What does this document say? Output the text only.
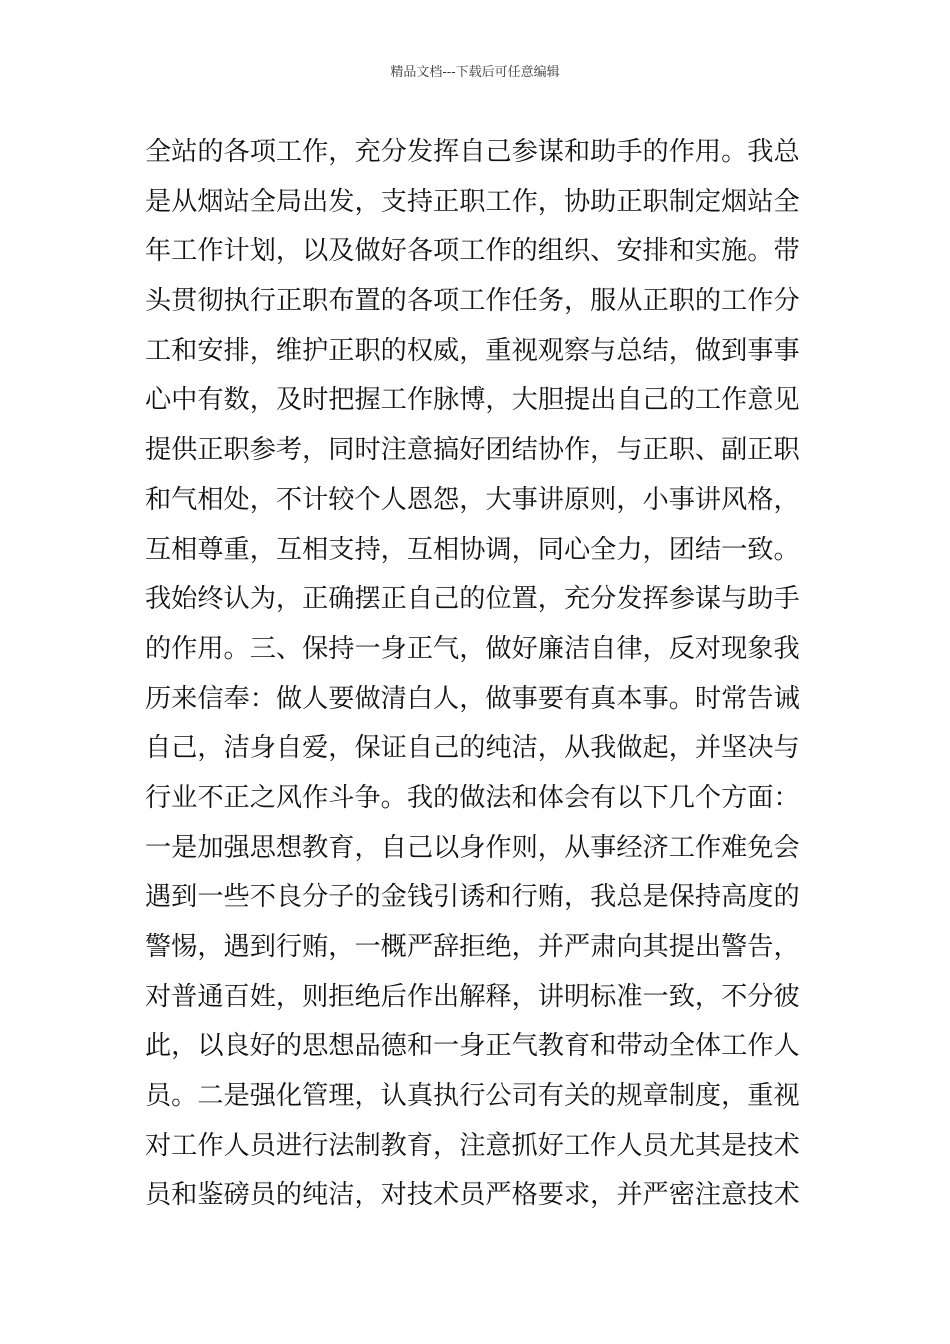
精品文档---下载后可任意编辑
全站的各项工作，充分发挥自己参谋和助手的作用。我总
是从烟站全局出发，支持正职工作，协助正职制定烟站全
年工作计划，以及做好各项工作的组织、安排和实施。带
头贯彻执行正职布置的各项工作任务，服从正职的工作分
工和安排，维护正职的权威，重视观察与总结，做到事事
心中有数，及时把握工作脉博，大胆提出自己的工作意见
提供正职参考，同时注意搞好团结协作，与正职、副正职
和气相处，不计较个人恩怨，大事讲原则，小事讲风格，
互相尊重，互相支持，互相协调，同心全力，团结一致。
我始终认为，正确摆正自己的位置，充分发挥参谋与助手
的作用。三、保持一身正气，做好廉洁自律，反对现象我
历来信奉：做人要做清白人，做事要有真本事。时常告诫
自己，洁身自爱，保证自己的纯洁，从我做起，并坚决与
行业不正之风作斗争。我的做法和体会有以下几个方面：
一是加强思想教育，自己以身作则，从事经济工作难免会
遇到一些不良分子的金钱引诱和行贿，我总是保持高度的
警惕，遇到行贿，一概严辞拒绝，并严肃向其提出警告，
对普通百姓，则拒绝后作出解释，讲明标准一致，不分彼
此，以良好的思想品德和一身正气教育和带动全体工作人
员。二是强化管理，认真执行公司有关的规章制度，重视
对工作人员进行法制教育，注意抓好工作人员尤其是技术
员和鉴磅员的纯洁，对技术员严格要求，并严密注意技术
